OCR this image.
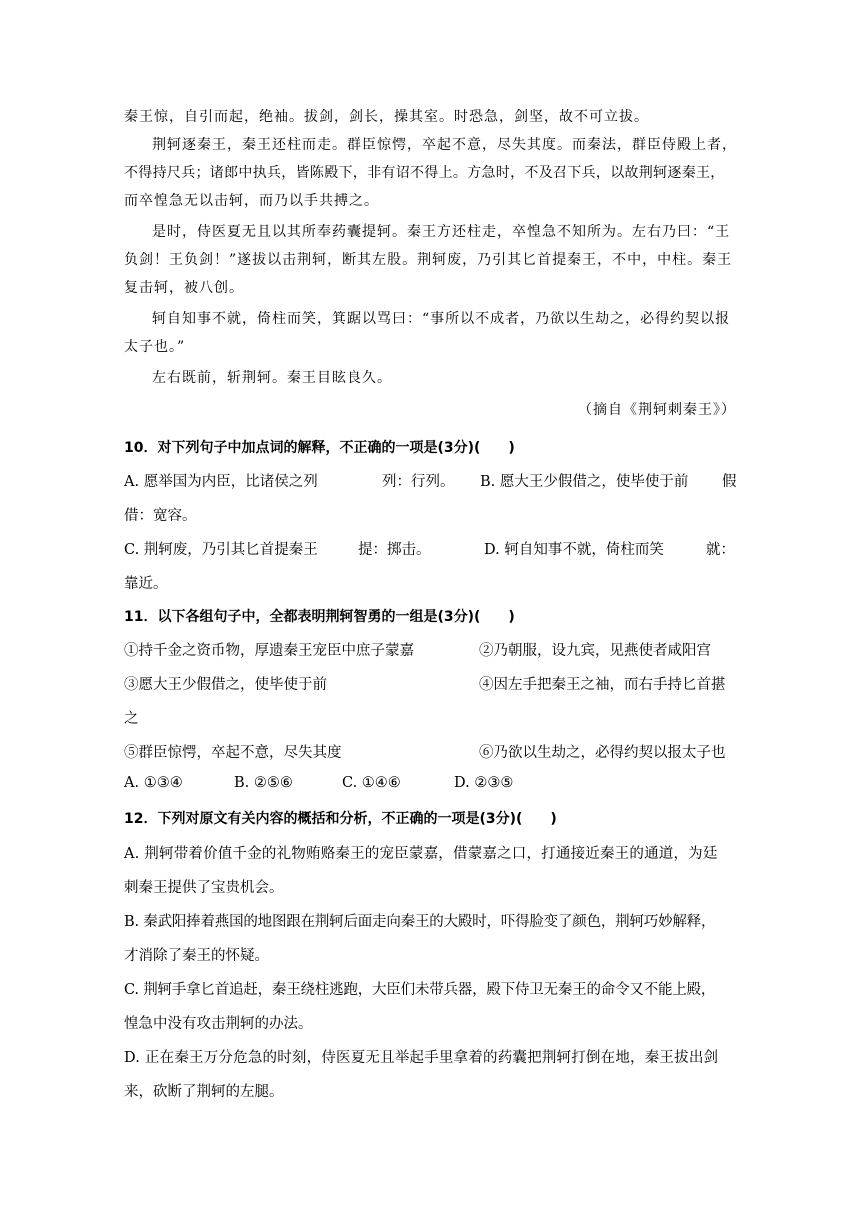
秦王惊，自引而起，绝袖。拔剑，剑长，操其室。时恐急，剑坚，故不可立拔。

荆轲逐秦王，秦王还柱而走。群臣惊愕，卒起不意，尽失其度。而秦法，群臣侍殿上者，

不得持尺兵；诸郎中执兵，皆陈殿下，非有诏不得上。方急时，不及召下兵，以故荆轲逐秦王，

而卒惶急无以击轲，而乃以手共搏之。

是时，侍医夏无且以其所奉药囊提轲。秦王方还柱走，卒惶急不知所为。左右乃曰：“王

负剑！王负剑！”遂拔以击荆轲，断其左股。荆轲废，乃引其匕首提秦王，不中，中柱。秦王

复击轲，被八创。

轲自知事不就，倚柱而笑，箕踞以骂曰：“事所以不成者，乃欲以生劫之，必得约契以报

太子也。”

左右既前，斩荆轲。秦王目眩良久。

（摘自《荆轲刺秦王》）

10．对下列句子中加点词的解释，不正确的一项是(3分)(　　)

A. 愿举国为内臣，比诸侯之列	列：行列。 B. 愿大王少假借之，使毕使于前 假

借：宽容。

C. 荆轲废，乃引其匕首提秦王	提：掷击。	D. 轲自知事不就，倚柱而笑	就：

靠近。

11．以下各组句子中，全都表明荆轲智勇的一组是(3分)(　　)

①持千金之资币物，厚遗秦王宠臣中庶子蒙嘉	②乃朝服，设九宾，见燕使者咸阳宫

③愿大王少假借之，使毕使于前	④因左手把秦王之袖，而右手持匕首揕

之

⑤群臣惊愕，卒起不意，尽失其度	⑥乃欲以生劫之，必得约契以报太子也

A. ①③④	B. ②⑤⑥	C. ①④⑥	D. ②③⑤

12．下列对原文有关内容的概括和分析，不正确的一项是(3分)(　　)

A. 荆轲带着价值千金的礼物贿赂秦王的宠臣蒙嘉，借蒙嘉之口，打通接近秦王的通道，为廷

刺秦王提供了宝贵机会。

B. 秦武阳捧着燕国的地图跟在荆轲后面走向秦王的大殿时，吓得脸变了颜色，荆轲巧妙解释，

才消除了秦王的怀疑。

C. 荆轲手拿匕首追赶，秦王绕柱逃跑，大臣们未带兵器，殿下侍卫无秦王的命令又不能上殿，

惶急中没有攻击荆轲的办法。

D. 正在秦王万分危急的时刻，侍医夏无且举起手里拿着的药囊把荆轲打倒在地，秦王拔出剑

来，砍断了荆轲的左腿。
